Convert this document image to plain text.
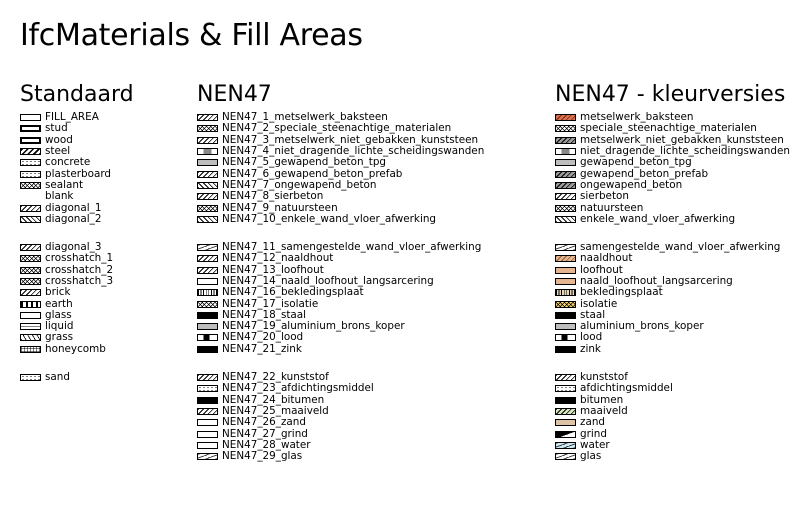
IfcMaterials & Fill Areas
Standaard
FILL_AREA
stud
wood
steel
concrete
plasterboard
sealant
blank
diagonal_1
diagonal_2
diagonal_3
crosshatch_1
crosshatch_2
crosshatch_3
brick
earth
glass
liquid
grass
honeycomb
sand
NEN47
NEN47_1_metselwerk_baksteen
NEN47_2_speciale_steenachtige_materialen
NEN47_3_metselwerk_niet_gebakken_kunststeen
NEN47_4_niet_dragende_lichte_scheidingswanden
NEN47_5_gewapend_beton_tpg
NEN47_6_gewapend_beton_prefab
NEN47_7_ongewapend_beton
NEN47_8_sierbeton
NEN47_9_natuursteen
NEN47_10_enkele_wand_vloer_afwerking
NEN47_11_samengestelde_wand_vloer_afwerking
NEN47_12_naaldhout
NEN47_13_loofhout
NEN47_14_naald_loofhout_langsarcering
NEN47_16_bekledingsplaat
NEN47_17_isolatie
NEN47_18_staal
NEN47_19_aluminium_brons_koper
NEN47_20_lood
NEN47_21_zink
NEN47_22_kunststof
NEN47_23_afdichtingsmiddel
NEN47_24_bitumen
NEN47_25_maaiveld
NEN47_26_zand
NEN47_27_grind
NEN47_28_water
NEN47_29_glas
NEN47 - kleurversies
metselwerk_baksteen
speciale_steenachtige_materialen
metselwerk_niet_gebakken_kunststeen
niet_dragende_lichte_scheidingswanden
gewapend_beton_tpg
gewapend_beton_prefab
ongewapend_beton
sierbeton
natuursteen
enkele_wand_vloer_afwerking
samengestelde_wand_vloer_afwerking
naaldhout
loofhout
naald_loofhout_langsarcering
bekledingsplaat
isolatie
staal
aluminium_brons_koper
lood
zink
kunststof
afdichtingsmiddel
bitumen
maaiveld
zand
grind
water
glas
